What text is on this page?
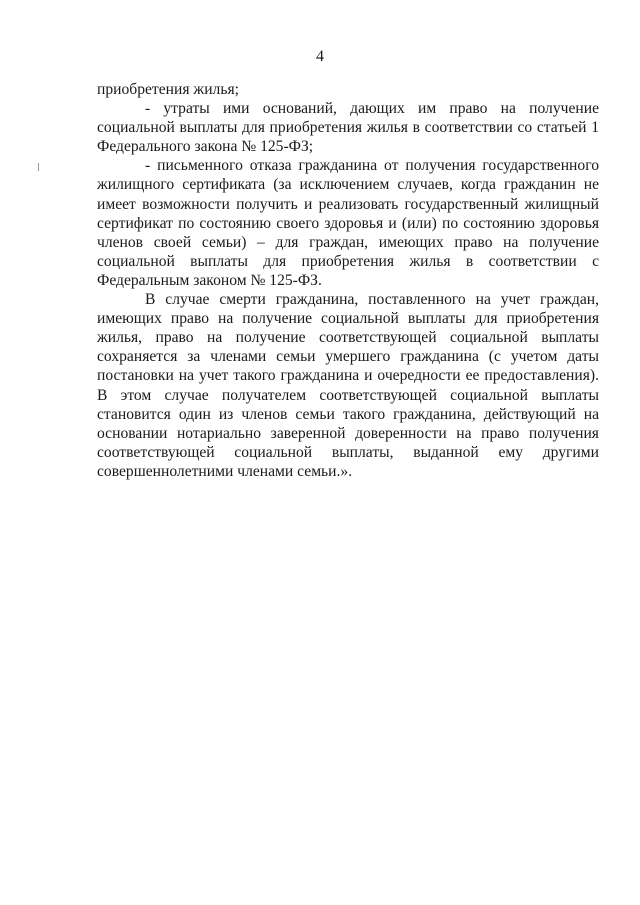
4

приобретения жилья;

- утраты ими оснований, дающих им право на получение социальной выплаты для приобретения жилья в соответствии со статьей 1 Федерального закона № 125-ФЗ;

- письменного отказа гражданина от получения государственного жилищного сертификата (за исключением случаев, когда гражданин не имеет возможности получить и реализовать государственный жилищный сертификат по состоянию своего здоровья и (или) по состоянию здоровья членов своей семьи) – для граждан, имеющих право на получение социальной выплаты для приобретения жилья в соответствии с Федеральным законом № 125-ФЗ.

В случае смерти гражданина, поставленного на учет граждан, имеющих право на получение социальной выплаты для приобретения жилья, право на получение соответствующей социальной выплаты сохраняется за членами семьи умершего гражданина (с учетом даты постановки на учет такого гражданина и очередности ее предоставления). В этом случае получателем соответствующей социальной выплаты становится один из членов семьи такого гражданина, действующий на основании нотариально заверенной доверенности на право получения соответствующей социальной выплаты, выданной ему другими совершеннолетними членами семьи.».
